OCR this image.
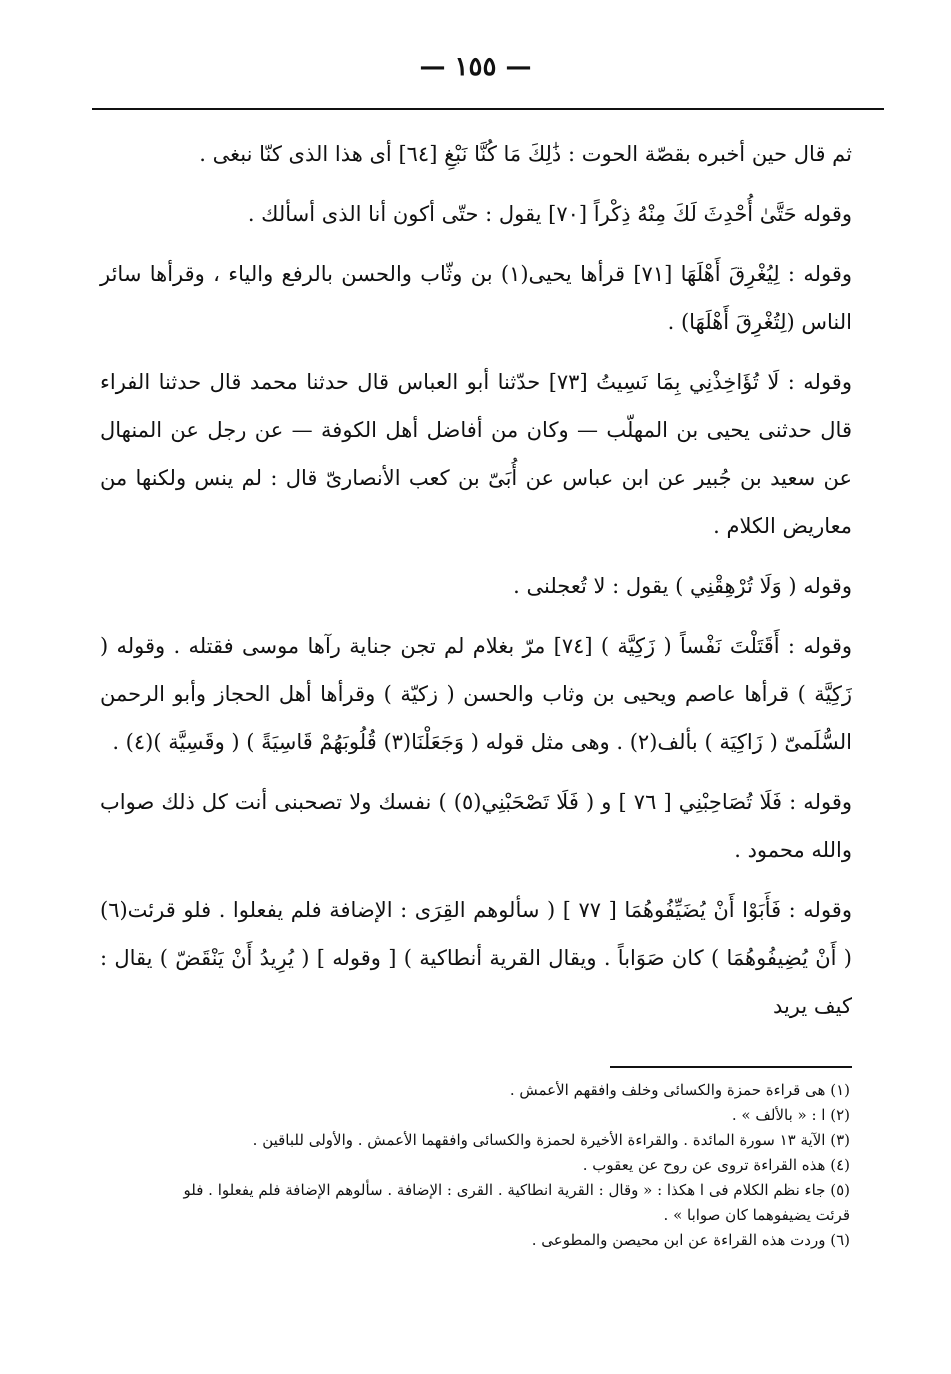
— ١٥٥ —

ثم قال حين أخبره بقصّة الحوت : ذَٰلِكَ مَا كُنَّا نَبْغِ [٦٤] أى هذا الذى كنّا نبغى .

وقوله حَتَّىٰ أُحْدِثَ لَكَ مِنْهُ ذِكْراً [٧٠] يقول : حتّى أكون أنا الذى أسألك .

وقوله : لِيُغْرِقَ أَهْلَهَا [٧١] قرأها يحيى(١) بن وثّاب والحسن بالرفع والياء ، وقرأها سائر الناس (لِتُغْرِقَ أَهْلَهَا) .

وقوله : لَا تُؤَاخِذْنِي بِمَا نَسِيتُ [٧٣] حدّثنا أبو العباس قال حدثنا محمد قال حدثنا الفراء قال حدثنى يحيى بن المهلّب — وكان من أفاضل أهل الكوفة — عن رجل عن المنهال عن سعيد بن جُبير عن ابن عباس عن أُبَىّ بن كعب الأنصارىّ قال : لم ينس ولكنها من معاريض الكلام .

وقوله ( وَلَا تُرْهِقْنِي ) يقول : لا تُعجلنى .

وقوله : أَقَتَلْتَ نَفْساً ( زَكِيَّة ) [٧٤] مرّ بغلام لم تجن جناية رآها موسى فقتله . وقوله ( زَكِيَّة ) قرأها عاصم ويحيى بن وثاب والحسن ( زكيّة ) وقرأها أهل الحجاز وأبو الرحمن السُّلَمىّ ( زَاكِيَة ) بألف(٢) . وهى مثل قوله ( وَجَعَلْنَا(٣) قُلُوبَهُمْ قَاسِيَةً ) ( وقَسِيَّة )(٤) .

وقوله : فَلَا تُصَاحِبْنِي [ ٧٦ ] و ( فَلَا تَصْحَبْنِي(٥) ) نفسك ولا تصحبنى أنت كل ذلك صواب والله محمود .

وقوله : فَأَبَوْا أَنْ يُضَيِّفُوهُمَا [ ٧٧ ] ( سألوهم القِرَى : الإضافة فلم يفعلوا . فلو قرئت(٦) ( أَنْ يُضِيفُوهُمَا ) كان صَوَاباً . ويقال القرية أنطاكية ) [ وقوله ] ( يُرِيدُ أَنْ يَنْقَضّ ) يقال : كيف يريد

(١) هى قراءة حمزة والكسائى وخلف وافقهم الأعمش .

(٢) ا : « بالألف » .

(٣) الآية ١٣ سورة المائدة . والقراءة الأخيرة لحمزة والكسائى وافقهما الأعمش . والأولى للباقين .

(٤) هذه القراءة تروى عن روح عن يعقوب .

(٥) جاء نظم الكلام فى ا هكذا : « وقال : القرية انطاكية . القرى : الإضافة . سألوهم الإضافة فلم يفعلوا . فلو قرئت يضيفوهما كان صوابا » .

(٦) وردت هذه القراءة عن ابن محيصن والمطوعى .
